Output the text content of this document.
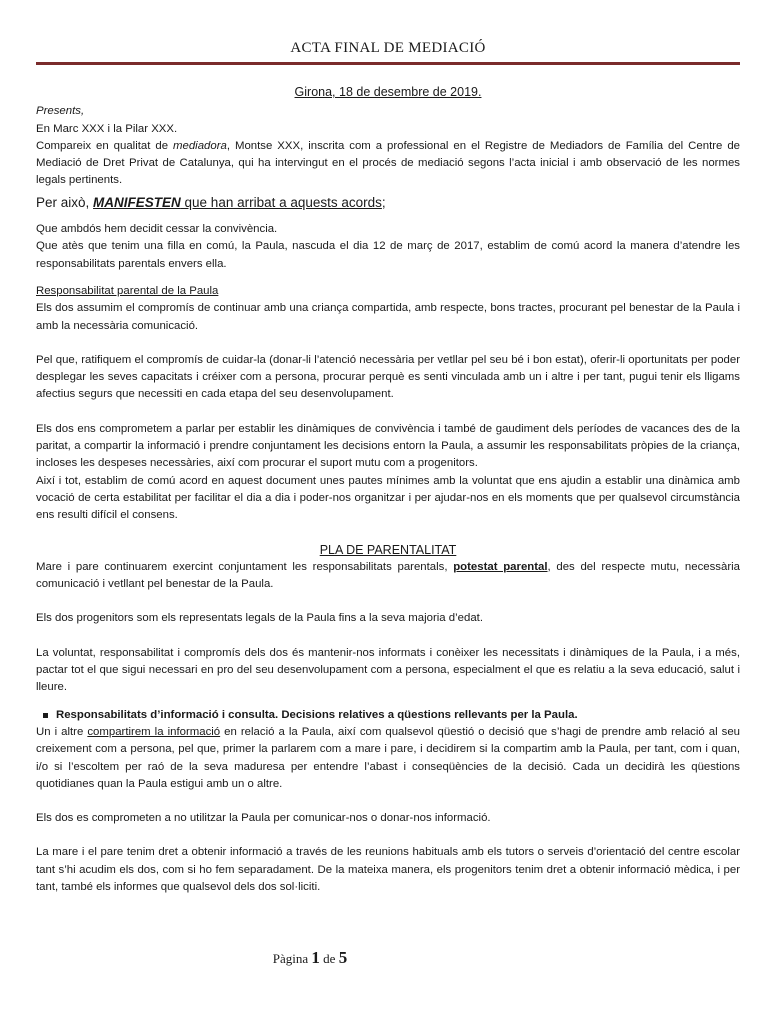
ACTA FINAL DE MEDIACIÓ

Girona, 18 de desembre de 2019.

Presents,

En Marc XXX i la Pilar XXX.

Compareix en qualitat de mediadora, Montse XXX, inscrita com a professional en el Registre de Mediadors de Família del Centre de Mediació de Dret Privat de Catalunya, qui ha intervingut en el procés de mediació segons l’acta inicial i amb observació de les normes legals pertinents.

Per això, MANIFESTEN que han arribat a aquests acords;

Que ambdós hem decidit cessar la convivència.

Que atès que tenim una filla en comú, la Paula, nascuda el dia 12 de març de 2017, establim de comú acord la manera d’atendre les responsabilitats parentals envers ella.

Responsabilitat parental de la Paula

Els dos assumim el compromís de continuar amb una criança compartida, amb respecte, bons tractes, procurant pel benestar de la Paula i amb la necessària comunicació.

Pel que, ratifiquem el compromís de cuidar-la (donar-li l’atenció necessària per vetllar pel seu bé i bon estat), oferir-li oportunitats per poder desplegar les seves capacitats i créixer com a persona, procurar perquè es senti vinculada amb un i altre i per tant, pugui tenir els lligams afectius segurs que necessiti en cada etapa del seu desenvolupament.

Els dos ens comprometem a parlar per establir les dinàmiques de convivència i també de gaudiment dels períodes de vacances des de la paritat, a compartir la informació i prendre conjuntament les decisions entorn la Paula, a assumir les responsabilitats pròpies de la criança, incloses les despeses necessàries, així com procurar el suport mutu com a progenitors.

Així i tot, establim de comú acord en aquest document unes pautes mínimes amb la voluntat que ens ajudin a establir una dinàmica amb vocació de certa estabilitat per facilitar el dia a dia i poder-nos organitzar i per ajudar-nos en els moments que per qualsevol circumstància ens resulti difícil el consens.

PLA DE PARENTALITAT

Mare i pare continuarem exercint conjuntament les responsabilitats parentals, potestat parental, des del respecte mutu, necessària comunicació i vetllant pel benestar de la Paula.

Els dos progenitors som els representats legals de la Paula fins a la seva majoria d’edat.

La voluntat, responsabilitat i compromís dels dos és mantenir-nos informats i conèixer les necessitats i dinàmiques de la Paula, i a més, pactar tot el que sigui necessari en pro del seu desenvolupament com a persona, especialment el que es relatiu a la seva educació, salut i lleure.

Responsabilitats d’informació i consulta. Decisions relatives a qüestions rellevants per la Paula.

Un i altre compartirem la informació en relació a la Paula, així com qualsevol qüestió o decisió que s’hagi de prendre amb relació al seu creixement com a persona, pel que, primer la parlarem com a mare i pare, i decidirem si la compartim amb la Paula, per tant, com i quan, i/o si l’escoltem per raó de la seva maduresa per entendre l’abast i conseqüències de la decisió. Cada un decidirà les qüestions quotidianes quan la Paula estigui amb un o altre.

Els dos es comprometen a no utilitzar la Paula per comunicar-nos o donar-nos informació.

La mare i el pare tenim dret a obtenir informació a través de les reunions habituals amb els tutors o serveis d’orientació del centre escolar tant s’hi acudim els dos, com si ho fem separadament. De la mateixa manera, els progenitors tenim dret a obtenir informació mèdica, i per tant, també els informes que qualsevol dels dos sol·liciti.

Pàgina 1 de 5
